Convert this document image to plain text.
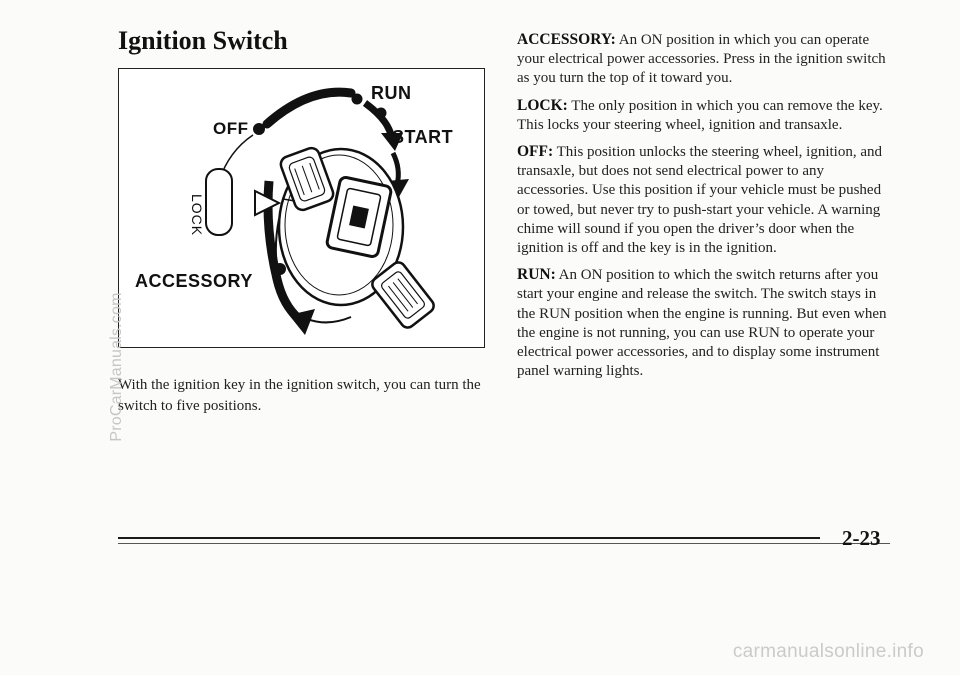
Ignition Switch
RUN
OFF	START
ACCESSORY
LOCK

With the ignition key in the ignition switch, you can turn the switch to five positions.

ACCESSORY: An ON position in which you can operate your electrical power accessories. Press in the ignition switch as you turn the top of it toward you.

LOCK: The only position in which you can remove the key. This locks your steering wheel, ignition and transaxle.

OFF: This position unlocks the steering wheel, ignition, and transaxle, but does not send electrical power to any accessories. Use this position if your vehicle must be pushed or towed, but never try to push-start your vehicle. A warning chime will sound if you open the driver’s door when the ignition is off and the key is in the ignition.

RUN: An ON position to which the switch returns after you start your engine and release the switch. The switch stays in the RUN position when the engine is running. But even when the engine is not running, you can use RUN to operate your electrical power accessories, and to display some instrument panel warning lights.

2-23
ProCarManuals.com
carmanualsonline.info
